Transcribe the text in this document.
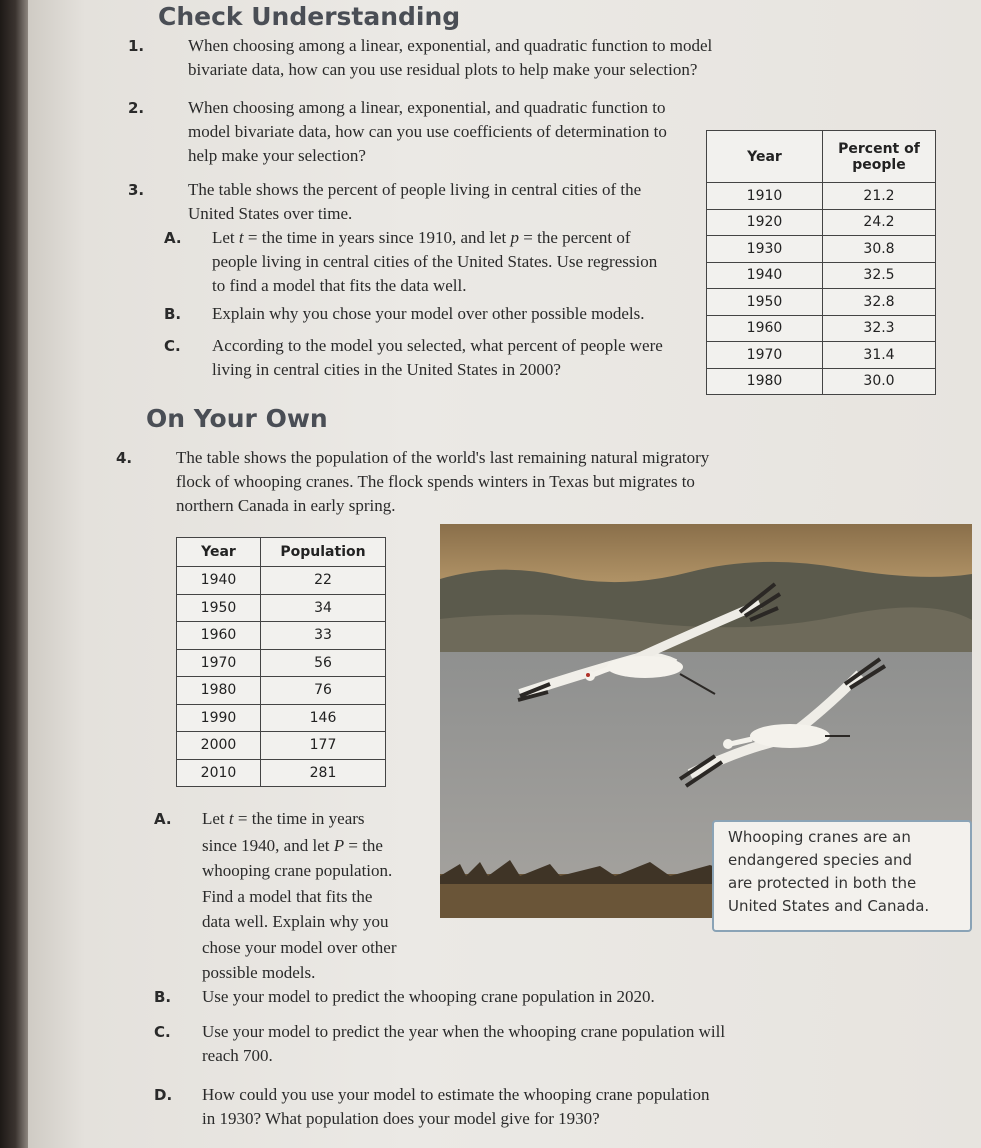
Check Understanding
1.	When choosing among a linear, exponential, and quadratic function to model
bivariate data, how can you use residual plots to help make your selection?
2.	When choosing among a linear, exponential, and quadratic function to
model bivariate data, how can you use coefficients of determination to
help make your selection?
3.	The table shows the percent of people living in central cities of the
United States over time.
A. Let t = the time in years since 1910, and let p = the percent of
people living in central cities of the United States. Use regression
to find a model that fits the data well.
B. Explain why you chose your model over other possible models.
C. According to the model you selected, what percent of people were
living in central cities in the United States in 2000?
Year	Percent of
people
1910	21.2
1920	24.2
1930	30.8
1940	32.5
1950	32.8
1960	32.3
1970	31.4
1980	30.0
On Your Own
4.	The table shows the population of the world's last remaining natural migratory
flock of whooping cranes. The flock spends winters in Texas but migrates to
northern Canada in early spring.
Year	Population
1940	22
1950	34
1960	33
1970	56
1980	76
1990	146
2000	177
2010	281
Whooping cranes are an
endangered species and
are protected in both the
United States and Canada.
A. Let t = the time in years
since 1940, and let P = the
whooping crane population.
Find a model that fits the
data well. Explain why you
chose your model over other
possible models.
B. Use your model to predict the whooping crane population in 2020.
C. Use your model to predict the year when the whooping crane population will
reach 700.
D. How could you use your model to estimate the whooping crane population
in 1930? What population does your model give for 1930?
